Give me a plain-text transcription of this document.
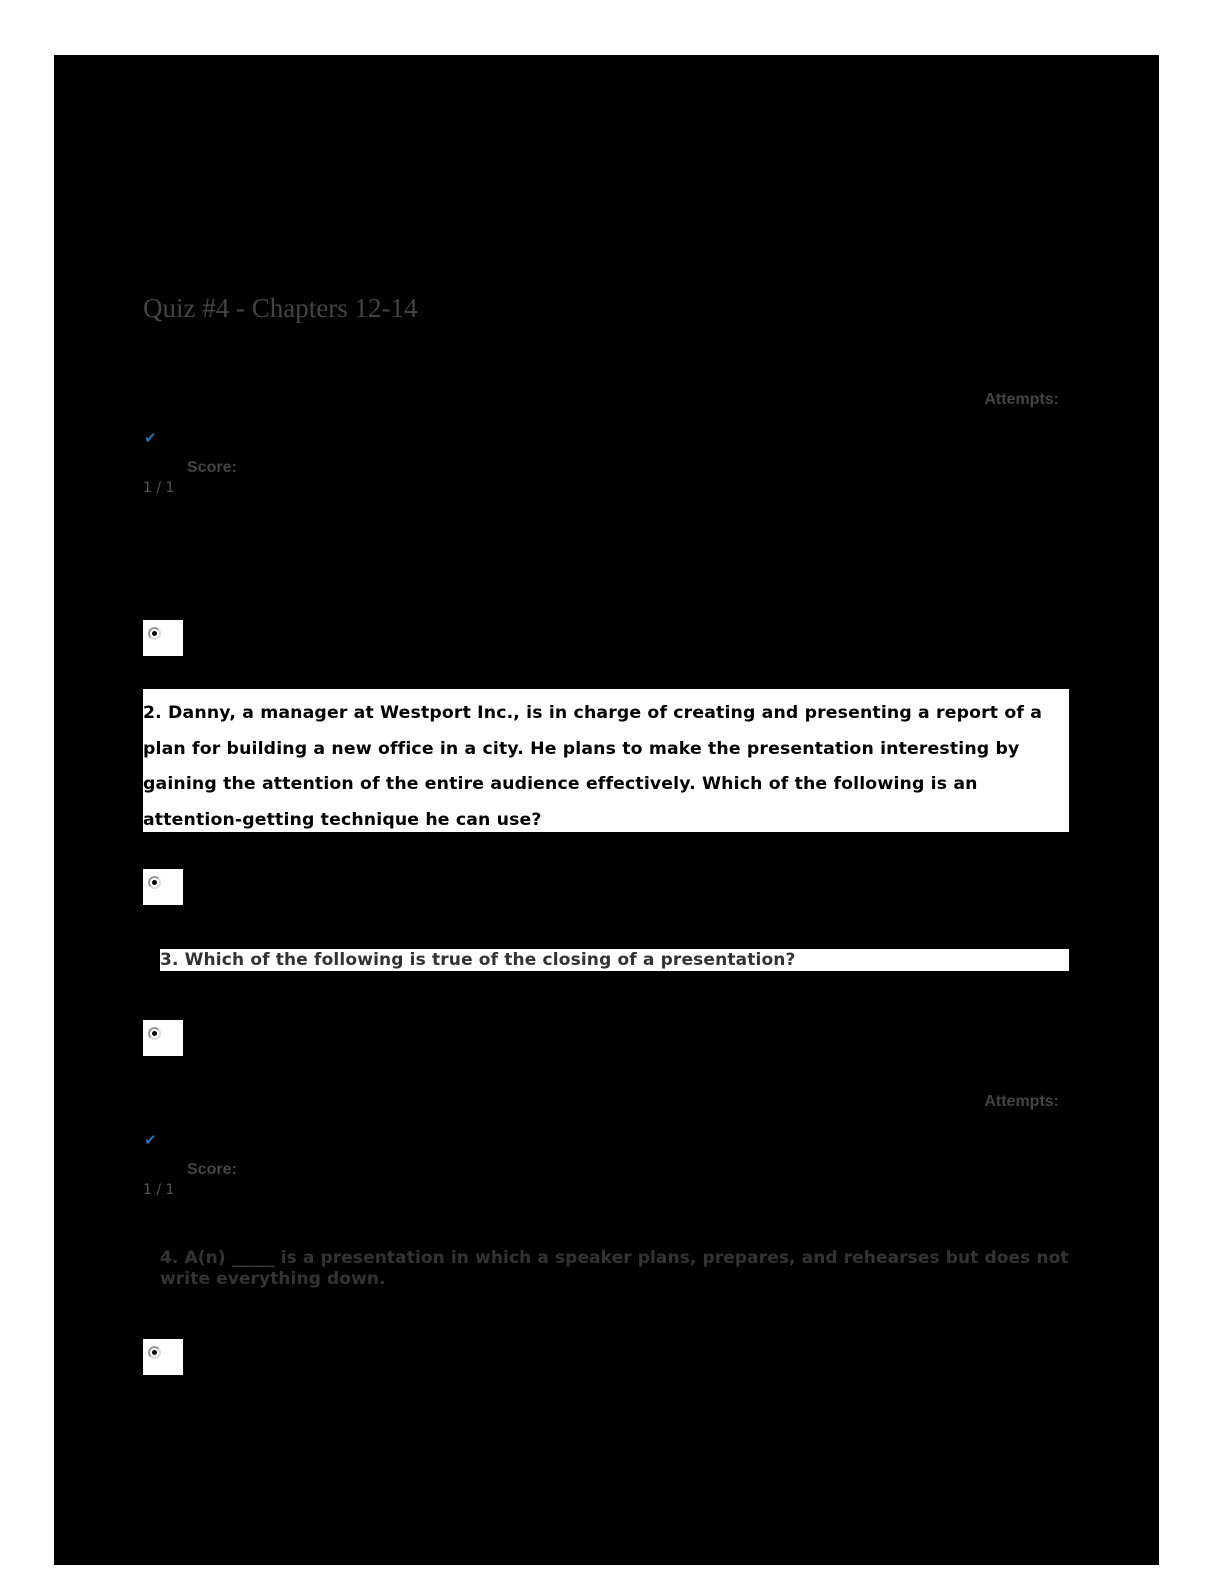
Quiz #4 - Chapters 12-14
Attempts:
✔
Score:
1 / 1

2. Danny, a manager at Westport Inc., is in charge of creating and presenting a report of a plan for building a new office in a city. He plans to make the presentation interesting by gaining the attention of the entire audience effectively. Which of the following is an attention-getting technique he can use?

3. Which of the following is true of the closing of a presentation?
Attempts:
✔
Score:
1 / 1
4. A(n) _____ is a presentation in which a speaker plans, prepares, and rehearses but does not write everything down.
